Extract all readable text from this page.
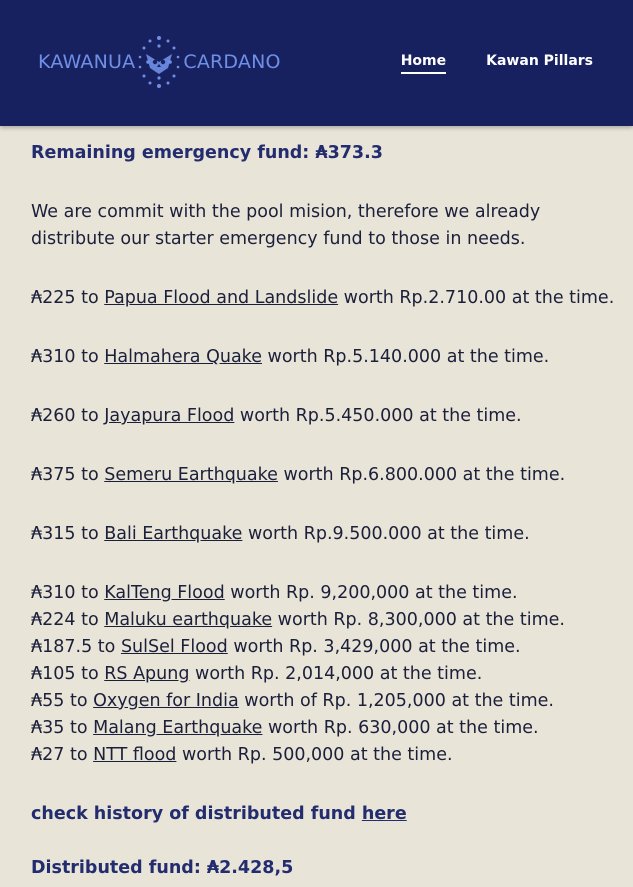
KAWANUA	CARDANO	Home	Kawan Pillars
Remaining emergency fund: ₳373.3
We are commit with the pool mision, therefore we already
distribute our starter emergency fund to those in needs.
₳225 to Papua Flood and Landslide worth Rp.2.710.00 at the time.
₳310 to Halmahera Quake worth Rp.5.140.000 at the time.
₳260 to Jayapura Flood worth Rp.5.450.000 at the time.
₳375 to Semeru Earthquake worth Rp.6.800.000 at the time.
₳315 to Bali Earthquake worth Rp.9.500.000 at the time.
₳310 to KalTeng Flood worth Rp. 9,200,000 at the time.
₳224 to Maluku earthquake worth Rp. 8,300,000 at the time.
₳187.5 to SulSel Flood worth Rp. 3,429,000 at the time.
₳105 to RS Apung worth Rp. 2,014,000 at the time.
₳55 to Oxygen for India worth of Rp. 1,205,000 at the time.
₳35 to Malang Earthquake worth Rp. 630,000 at the time.
₳27 to NTT flood worth Rp. 500,000 at the time.
check history of distributed fund here
Distributed fund: ₳2.428,5
